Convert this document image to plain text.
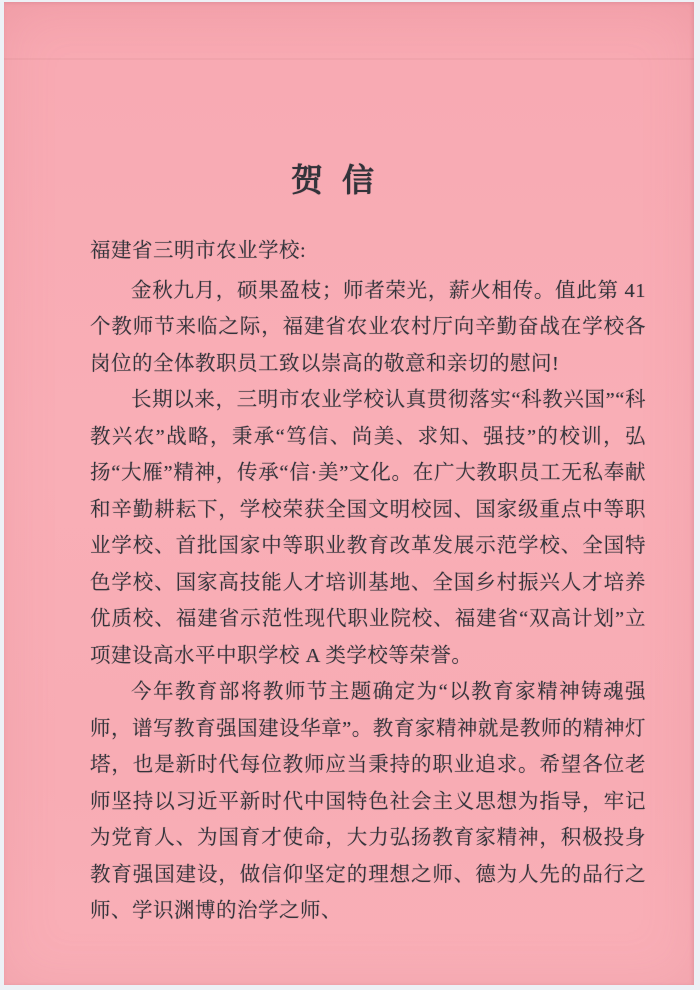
贺  信

福建省三明市农业学校:

金秋九月，硕果盈枝；师者荣光，薪火相传。值此第 41 个教师节来临之际，福建省农业农村厅向辛勤奋战在学校各岗位的全体教职员工致以崇高的敬意和亲切的慰问!

长期以来，三明市农业学校认真贯彻落实“科教兴国”“科教兴农”战略，秉承“笃信、尚美、求知、强技”的校训，弘扬“大雁”精神，传承“信·美”文化。在广大教职员工无私奉献和辛勤耕耘下，学校荣获全国文明校园、国家级重点中等职业学校、首批国家中等职业教育改革发展示范学校、全国特色学校、国家高技能人才培训基地、全国乡村振兴人才培养优质校、福建省示范性现代职业院校、福建省“双高计划”立项建设高水平中职学校 A 类学校等荣誉。

今年教育部将教师节主题确定为“以教育家精神铸魂强师，谱写教育强国建设华章”。教育家精神就是教师的精神灯塔，也是新时代每位教师应当秉持的职业追求。希望各位老师坚持以习近平新时代中国特色社会主义思想为指导，牢记为党育人、为国育才使命，大力弘扬教育家精神，积极投身教育强国建设，做信仰坚定的理想之师、德为人先的品行之师、学识渊博的治学之师、
